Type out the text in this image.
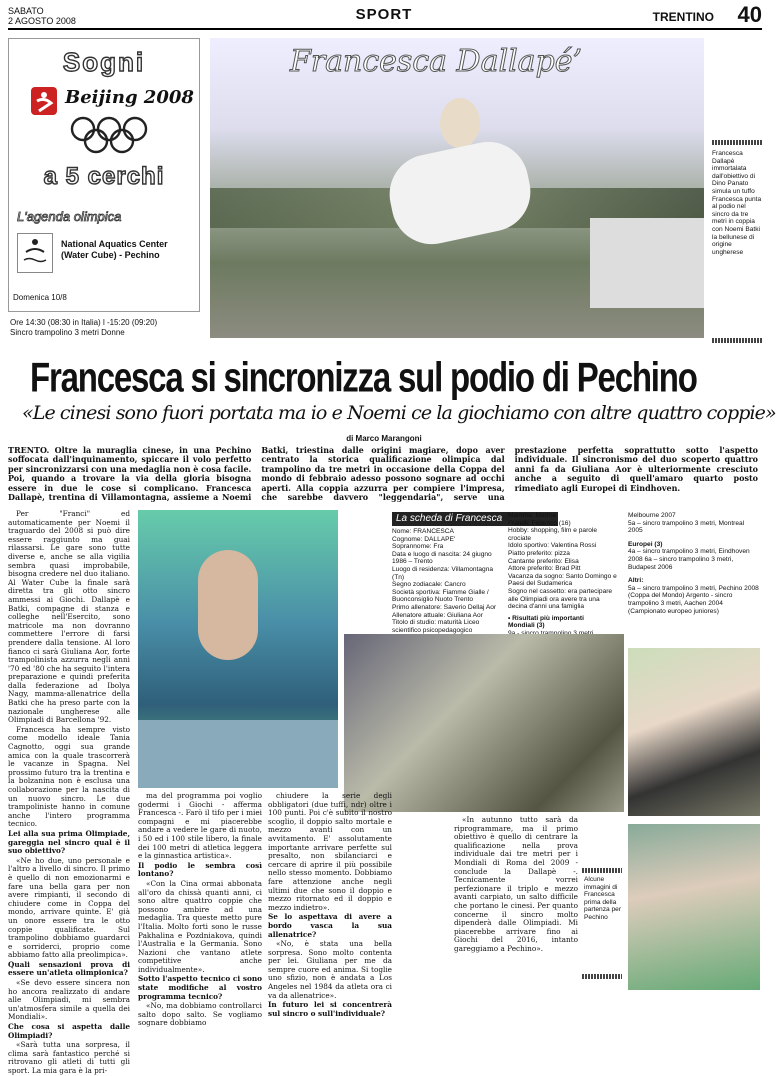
SABATO
2 AGOSTO 2008	SPORT	TRENTINO 40
Sogni
Beijing 2008
a 5 cerchi
L'agenda olimpica
National Aquatics Center (Water Cube) - Pechino
Domenica 10/8
Ore 14:30 (08:30 in Italia) l -15:20 (09:20)
Sincro trampolino 3 metri Donne
Francesca Dallapé’
Francesca Dallapè immortalata dall'obiettivo di Dino Panato simula un tuffo Francesca punta al podio nel sincro da tre metri in coppia con Noemi Batki la bellunese di origine ungherese
Francesca si sincronizza sul podio di Pechino
«Le cinesi sono fuori portata ma io e Noemi ce la giochiamo con altre quattro coppie»
di Marco Marangoni
TRENTO. Oltre la muraglia cinese, in una Pechino soffocata dall'inquinamento, spiccare il volo perfetto per sincronizzarsi con una medaglia non è cosa facile. Poi, quando a trovare la via della gloria bisogna essere in due le cose si complicano. Francesca Dallapè, trentina di Villamontagna, assieme a Noemi Batki, triestina dalle origini magiare, dopo aver centrato la storica qualificazione olimpica dal trampolino da tre metri in occasione della Coppa del mondo di febbraio adesso possono sognare ad occhi aperti. Alla coppia azzurra per compiere l'impresa, che sarebbe davvero "leggendaria", serve una prestazione perfetta soprattutto sotto l'aspetto individuale. Il sincronismo del duo scoperto quattro anni fa da Giuliana Aor è ulteriormente cresciuto anche a seguito di quell'amaro quarto posto rimediato agli Europei di Eindhoven.

Per "Franci" ed automaticamente per Noemi il traguardo del 2008 si può dire essere raggiunto ma guai rilassarsi. Le gare sono tutte diverse e, anche se alla vigilia sembra quasi improbabile, bisogna credere nel duo italiano. Al Water Cube la finale sarà diretta tra gli otto sincro ammessi ai Giochi. Dallapè e Batki, compagne di stanza e colleghe nell'Esercito, sono matricole ma non dovranno commettere l'errore di farsi prendere dalla tensione. Al loro fianco ci sarà Giuliana Aor, forte trampolinista azzurra negli anni '70 ed '80 che ha seguito l'intera preparazione e quindi preferita dalla federazione ad Ibolya Nagy, mamma-allenatrice della Batki che ha preso parte con la nazionale ungherese alle Olimpiadi di Barcellona '92.

Francesca ha sempre visto come modello ideale Tania Cagnotto, oggi sua grande amica con la quale trascorrerà le vacanze in Spagna. Nel prossimo futuro tra la trentina e la bolzanina non è esclusa una collaborazione per la nascita di un nuovo sincro. Le due trampoliniste hanno in comune anche l'intero programma tecnico.

Lei alla sua prima Olimpiade, gareggia nel sincro qual è il suo obiettivo?

«Ne ho due, uno personale e l'altro a livello di sincro. Il primo è quello di non emozionarmi e fare una bella gara per non avere rimpianti, il secondo di chiudere come in Coppa del mondo, arrivare quinte. E' già un onore essere tra le otto coppie qualificate. Sul trampolino dobbiamo guardarci e sorriderci, proprio come abbiamo fatto alla preolimpica».

Quali sensazioni prova di essere un'atleta olimpionica?

«Se devo essere sincera non ho ancora realizzato di andare alle Olimpiadi, mi sembra un'atmosfera simile a quella dei Mondiali».

Che cosa si aspetta dalle Olimpiadi?

«Sarà tutta una sorpresa, il clima sarà fantastico perché si ritrovano gli atleti di tutti gli sport. La mia gara è la pri-

La scheda di Francesca
Nome: FRANCESCA
Cognome: DALLAPE'
Soprannome: Fra
Data e luogo di nascita: 24 giugno 1986 – Trento
Luogo di residenza: Villamontagna (Tn)
Segno zodiacale: Cancro
Società sportiva: Fiamme Gialle / Buonconsiglio Nuoto Trento
Primo allenatore: Saverio Dellaj Aor
Allenatore attuale: Giuliana Aor
Titolo di studio: maturità Liceo scientifico psicopedagogico
Mamma: Marina
Fratelli: Federico (16)
Hobby: shopping, film e parole crociate
Idolo sportivo: Valentina Rossi
Piatto preferito: pizza
Cantante preferito: Elisa
Attore preferito: Brad Pitt
Vacanza da sogno: Santo Domingo e Paesi del Sudamerica
Sogno nel cassetto: era partecipare alle Olimpiadi ora avere tra una decina d'anni una famiglia
• Risultati più importanti
Mondiali (3)
Melbourne 2007
5a – sincro trampolino 3 metri, Montreal 2005
Europei (3)
4a – sincro trampolino 3 metri, Eindhoven 2008 6a – sincro trampolino 3 metri, Budapest 2006
Altri:
5a – sincro trampolino 3 metri, Pechino 2008 (Coppa del Mondo) Argento - sincro trampolino 3 metri, Aachen 2004 (Campionato europeo juniores)

ma del programma poi voglio godermi i Giochi - afferma Francesca -. Farò il tifo per i miei compagni e mi piacerebbe andare a vedere le gare di nuoto, i 50 ed i 100 stile libero, la finale dei 100 metri di atletica leggera e la ginnastica artistica».

Il podio le sembra così lontano?

«Con la Cina ormai abbonata all'oro da chissà quanti anni, ci sono altre quattro coppie che possono ambire ad una medaglia. Tra queste metto pure l'Italia. Molto forti sono le russe Pakhalina e Pozdniakova, quindi l'Australia e la Germania. Sono Nazioni che vantano atlete competitive anche individualmente».

Sotto l'aspetto tecnico ci sono state modifiche al vostro programma tecnico?

«No, ma dobbiamo controllarci salto dopo salto. Se vogliamo sognare dobbiamo

chiudere la serie degli obbligatori (due tuffi, ndr) oltre i 100 punti. Poi c'è subito il nostro scoglio, il doppio salto mortale e mezzo avanti con un avvitamento. E' assolutamente importante arrivare perfette sul presalto, non sbilanciarci e cercare di aprire il più possibile nello stesso momento. Dobbiamo fare attenzione anche negli ultimi due che sono il doppio e mezzo ritornato ed il doppio e mezzo indietro».

Se lo aspettava di avere a bordo vasca la sua allenatrice?

«No, è stata una bella sorpresa. Sono molto contenta per lei. Giuliana per me da sempre cuore ed anima. Si toglie uno sfizio, non è andata a Los Angeles nel 1984 da atleta ora ci va da allenatrice».

In futuro lei si concentrerà sul sincro o sull'individuale?

«In autunno tutto sarà da riprogrammare, ma il primo obiettivo è quello di centrare la qualificazione nella prova individuale dai tre metri per i Mondiali di Roma del 2009 - conclude la Dallapè -. Tecnicamente vorrei perfezionare il triplo e mezzo avanti carpiato, un salto difficile che portano le cinesi. Per quanto concerne il sincro molto dipenderà dalle Olimpiadi. Mi piacerebbe arrivare fino ai Giochi del 2016, intanto gareggiamo a Pechino».

Alcune immagini di Francesca prima della partenza per Pechino
